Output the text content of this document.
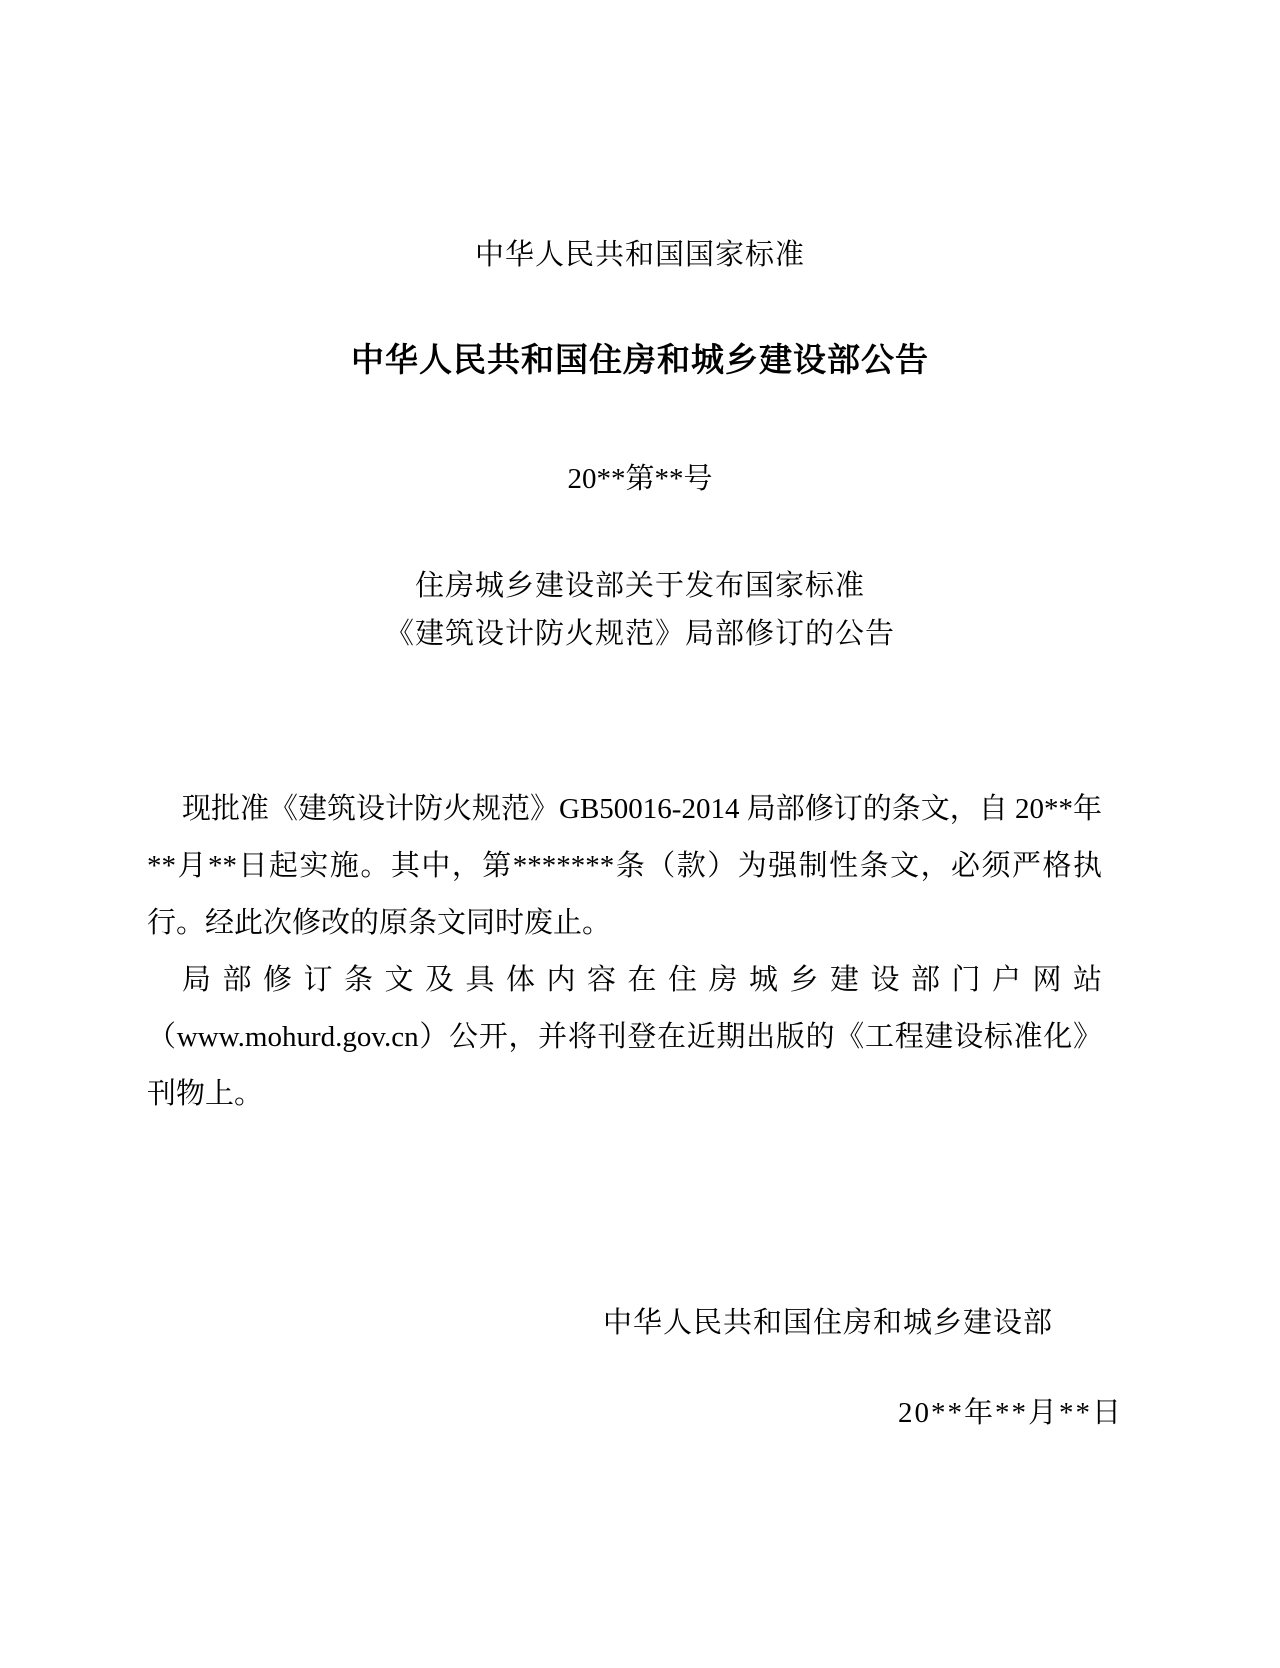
中华人民共和国国家标准
中华人民共和国住房和城乡建设部公告
20**第**号
住房城乡建设部关于发布国家标准
《建筑设计防火规范》局部修订的公告

现批准《建筑设计防火规范》GB50016-2014 局部修订的条文，自 20**年**月**日起实施。其中，第*******条（款）为强制性条文，必须严格执行。经此次修改的原条文同时废止。

局部修订条文及具体内容在住房城乡建设部门户网站（www.mohurd.gov.cn）公开，并将刊登在近期出版的《工程建设标准化》刊物上。

中华人民共和国住房和城乡建设部
20**年**月**日
